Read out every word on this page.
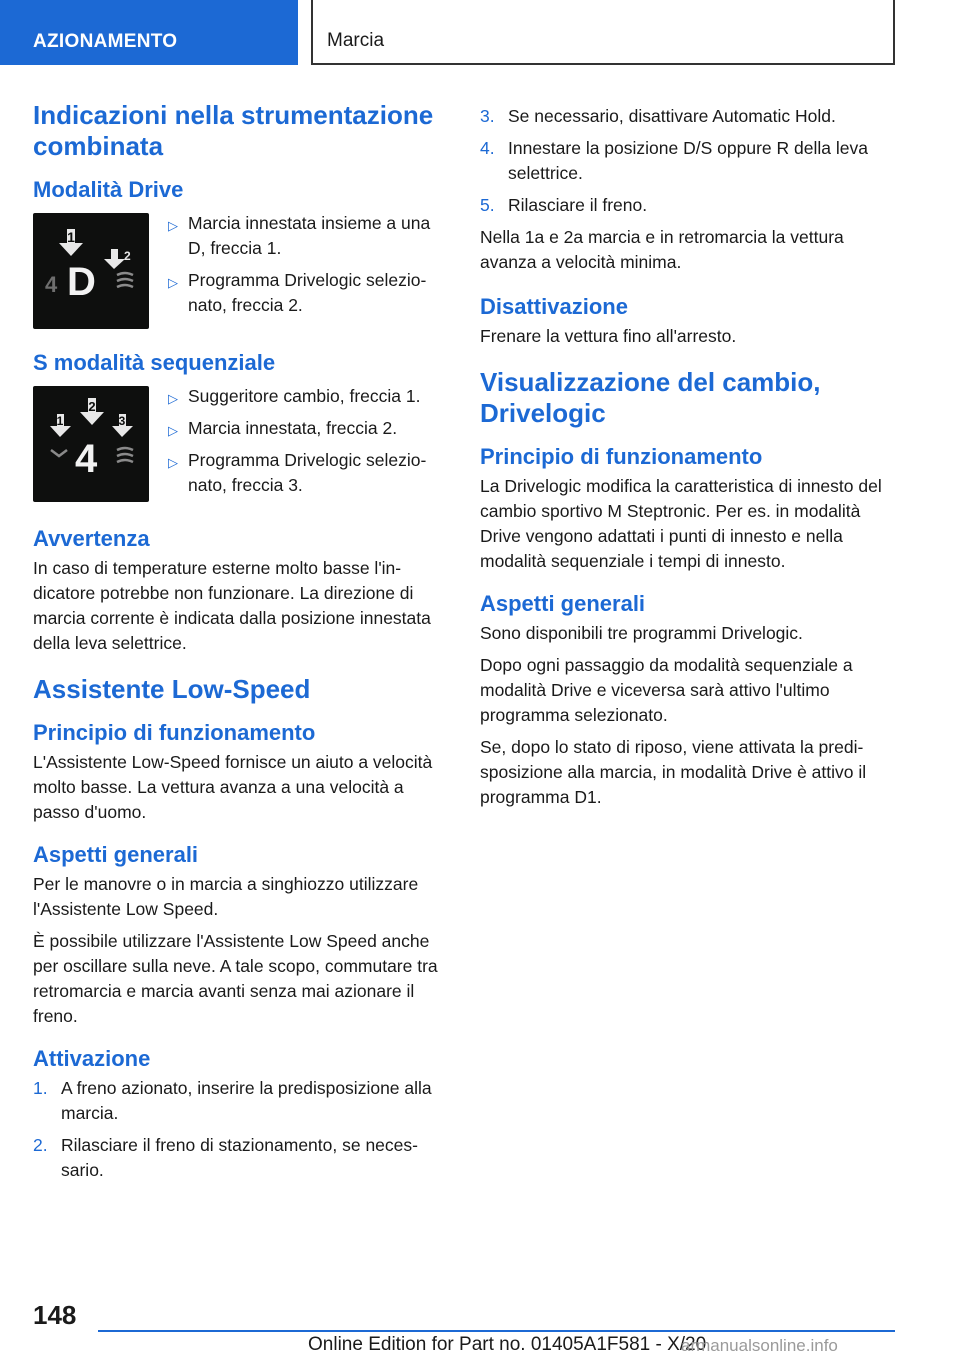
AZIONAMENTO	Marcia
Indicazioni nella strumentazione combinata
Modalità Drive
1
2
4 D
▷ Marcia innestata insieme a una D, freccia 1.
▷ Programma Drivelogic selezionato, freccia 2.
S modalità sequenziale
1
2
3
4
▷ Suggeritore cambio, freccia 1.
▷ Marcia innestata, freccia 2.
▷ Programma Drivelogic selezionato, freccia 3.
Avvertenza

In caso di temperature esterne molto basse l'indicatore potrebbe non funzionare. La direzione di marcia corrente è indicata dalla posizione innestata della leva selettrice.

Assistente Low-Speed
Principio di funzionamento

L'Assistente Low-Speed fornisce un aiuto a velocità molto basse. La vettura avanza a una velocità a passo d'uomo.

Aspetti generali

Per le manovre o in marcia a singhiozzo utilizzare l'Assistente Low Speed.

È possibile utilizzare l'Assistente Low Speed anche per oscillare sulla neve. A tale scopo, commutare tra retromarcia e marcia avanti senza mai azionare il freno.

Attivazione
1. A freno azionato, inserire la predisposizione alla marcia.
2. Rilasciare il freno di stazionamento, se necessario.
3. Se necessario, disattivare Automatic Hold.
4. Innestare la posizione D/S oppure R della leva selettrice.
5. Rilasciare il freno.

Nella 1a e 2a marcia e in retromarcia la vettura avanza a velocità minima.

Disattivazione

Frenare la vettura fino all'arresto.

Visualizzazione del cambio, Drivelogic
Principio di funzionamento

La Drivelogic modifica la caratteristica di innesto del cambio sportivo M Steptronic. Per es. in modalità Drive vengono adattati i punti di innesto e nella modalità sequenziale i tempi di innesto.

Aspetti generali

Sono disponibili tre programmi Drivelogic.

Dopo ogni passaggio da modalità sequenziale a modalità Drive e viceversa sarà attivo l'ultimo programma selezionato.

Se, dopo lo stato di riposo, viene attivata la predisposizione alla marcia, in modalità Drive è attivo il programma D1.

148
Online Edition for Part no. 01405A1F581 - X/20
armanualsonline.info
